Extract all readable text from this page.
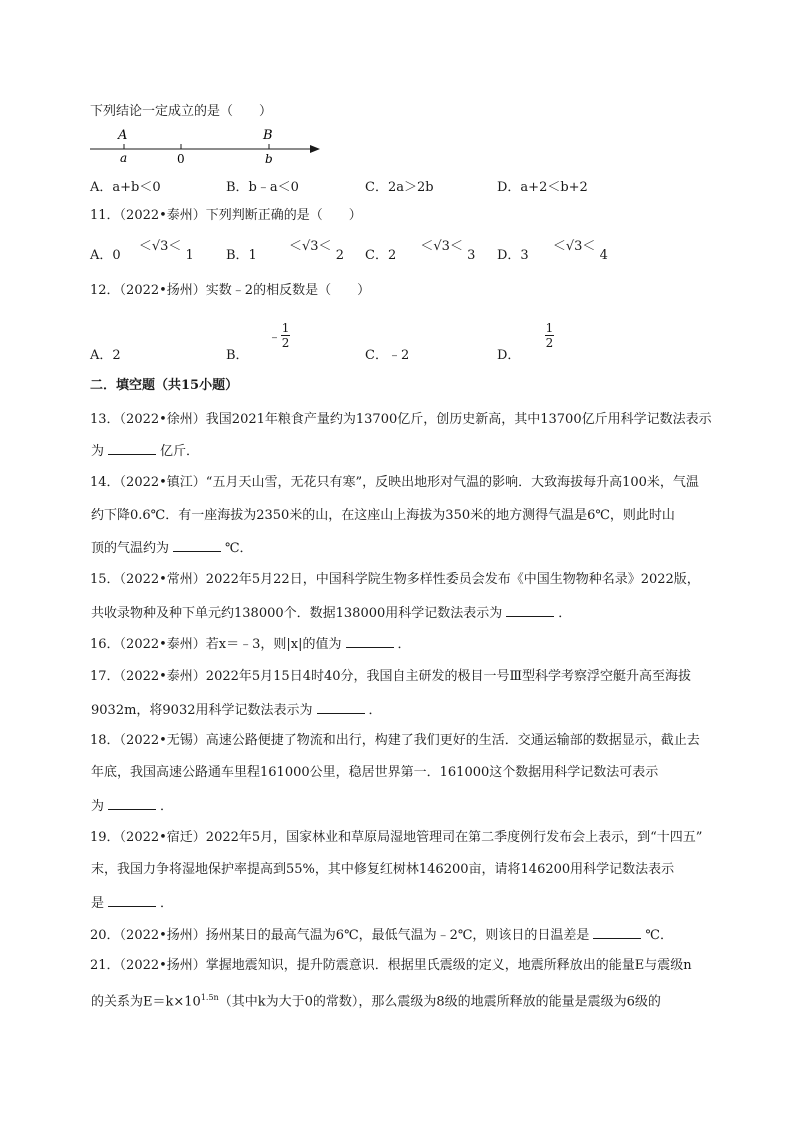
下列结论一定成立的是（　　）
A	B
a	0	b
A．a+b＜0	B．b﹣a＜0	C．2a＞2b	D．a+2＜b+2
11．（2022•泰州）下列判断正确的是（　　）
A．0 ＜√3＜ 1 B．1 ＜√3＜ 2 C．2 ＜√3＜ 3 D．3 ＜√3＜ 4
12．（2022•扬州）实数﹣2的相反数是（　　）
A．2	B．
﹣ $\frac{1}{2}$
C．﹣2	D．
$\frac{1}{2}$
二．填空题（共15小题）
13．（2022•徐州）我国2021年粮食产量约为13700亿斤，创历史新高，其中13700亿斤用科学记数法表示
为	亿斤．
14．（2022•镇江）“五月天山雪，无花只有寒”，反映出地形对气温的影响．大致海拔每升高100米，气温
约下降0.6℃．有一座海拔为2350米的山，在这座山上海拔为350米的地方测得气温是6℃，则此时山
顶的气温约为	℃．
15．（2022•常州）2022年5月22日，中国科学院生物多样性委员会发布《中国生物物种名录》2022版，
共收录物种及种下单元约138000个．数据138000用科学记数法表示为	．
16．（2022•泰州）若x＝﹣3，则|x|的值为	．
17．（2022•泰州）2022年5月15日4时40分，我国自主研发的极目一号Ⅲ型科学考察浮空艇升高至海拔
9032m，将9032用科学记数法表示为	．
18．（2022•无锡）高速公路便捷了物流和出行，构建了我们更好的生活．交通运输部的数据显示，截止去
年底，我国高速公路通车里程161000公里，稳居世界第一．161000这个数据用科学记数法可表示
为	．
19．（2022•宿迁）2022年5月，国家林业和草原局湿地管理司在第二季度例行发布会上表示，到“十四五”
末，我国力争将湿地保护率提高到55%，其中修复红树林146200亩，请将146200用科学记数法表示
是	．
20．（2022•扬州）扬州某日的最高气温为6℃，最低气温为﹣2℃，则该日的日温差是	℃．
21．（2022•扬州）掌握地震知识，提升防震意识．根据里氏震级的定义，地震所释放出的能量E与震级n
的关系为$E=k\times 10^{1.5n}$（其中k为大于0的常数），那么震级为8级的地震所释放的能量是震级为6级的
